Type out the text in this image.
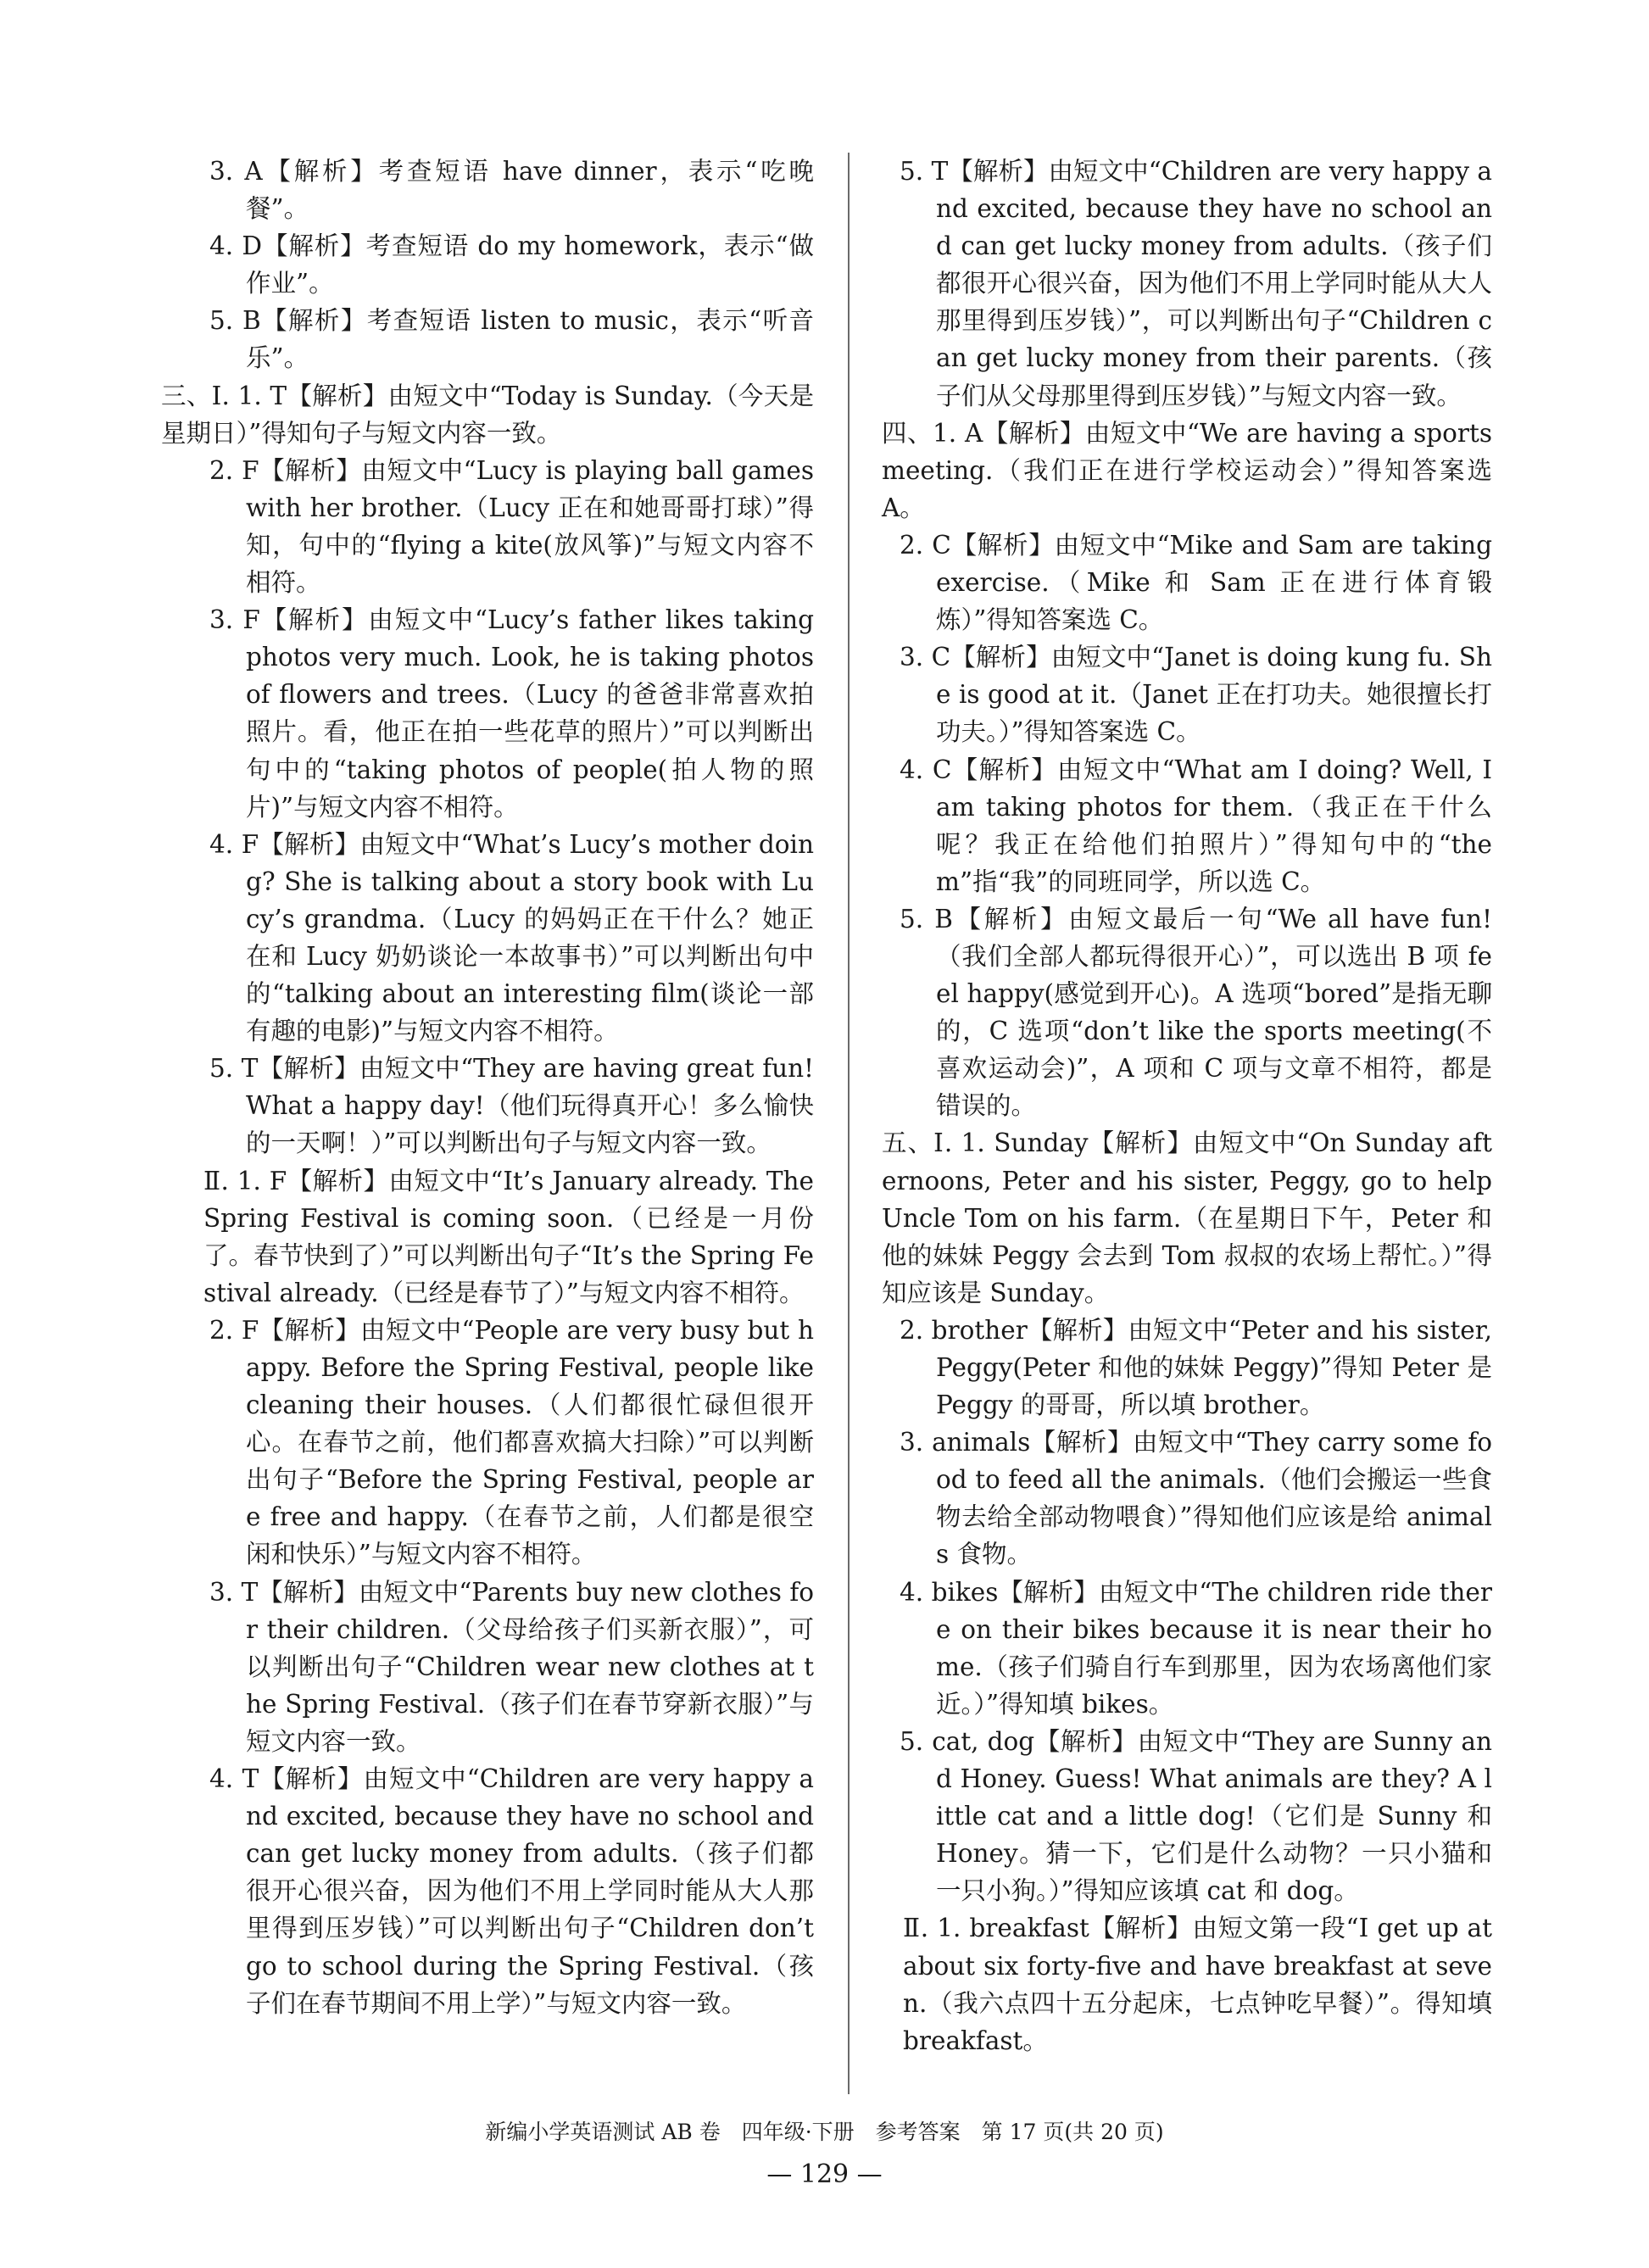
3. A【解析】考查短语 have dinner，表示“吃晚餐”。

4. D【解析】考查短语 do my homework，表示“做作业”。

5. B【解析】考查短语 listen to music，表示“听音乐”。

三、Ⅰ. 1. T【解析】由短文中“Today is Sunday.（今天是星期日）”得知句子与短文内容一致。

2. F【解析】由短文中“Lucy is playing ball games with her brother.（Lucy 正在和她哥哥打球）”得知，句中的“flying a kite(放风筝)”与短文内容不相符。

3. F【解析】由短文中“Lucy’s father likes taking photos very much. Look, he is taking photos of flowers and trees.（Lucy 的爸爸非常喜欢拍照片。看，他正在拍一些花草的照片）”可以判断出句中的“taking photos of people(拍人物的照片)”与短文内容不相符。

4. F【解析】由短文中“What’s Lucy’s mother doing? She is talking about a story book with Lucy’s grandma.（Lucy 的妈妈正在干什么？她正在和 Lucy 奶奶谈论一本故事书）”可以判断出句中的“talking about an interesting film(谈论一部有趣的电影)”与短文内容不相符。

5. T【解析】由短文中“They are having great fun! What a happy day!（他们玩得真开心！多么愉快的一天啊！）”可以判断出句子与短文内容一致。

Ⅱ. 1. F【解析】由短文中“It’s January already. The Spring Festival is coming soon.（已经是一月份了。春节快到了）”可以判断出句子“It’s the Spring Festival already.（已经是春节了）”与短文内容不相符。

2. F【解析】由短文中“People are very busy but happy. Before the Spring Festival, people like cleaning their houses.（人们都很忙碌但很开心。在春节之前，他们都喜欢搞大扫除）”可以判断出句子“Before the Spring Festival, people are free and happy.（在春节之前，人们都是很空闲和快乐）”与短文内容不相符。

3. T【解析】由短文中“Parents buy new clothes for their children.（父母给孩子们买新衣服）”，可以判断出句子“Children wear new clothes at the Spring Festival.（孩子们在春节穿新衣服）”与短文内容一致。

4. T【解析】由短文中“Children are very happy and excited, because they have no school and can get lucky money from adults.（孩子们都很开心很兴奋，因为他们不用上学同时能从大人那里得到压岁钱）”可以判断出句子“Children don’t go to school during the Spring Festival.（孩子们在春节期间不用上学）”与短文内容一致。

5. T【解析】由短文中“Children are very happy and excited, because they have no school and can get lucky money from adults.（孩子们都很开心很兴奋，因为他们不用上学同时能从大人那里得到压岁钱）”，可以判断出句子“Children can get lucky money from their parents.（孩子们从父母那里得到压岁钱）”与短文内容一致。

四、1. A【解析】由短文中“We are having a sports meeting.（我们正在进行学校运动会）”得知答案选 A。

2. C【解析】由短文中“Mike and Sam are taking exercise.（Mike 和 Sam 正在进行体育锻炼）”得知答案选 C。

3. C【解析】由短文中“Janet is doing kung fu. She is good at it.（Janet 正在打功夫。她很擅长打功夫。）”得知答案选 C。

4. C【解析】由短文中“What am I doing? Well, I am taking photos for them.（我正在干什么呢？我正在给他们拍照片）”得知句中的“them”指“我”的同班同学，所以选 C。

5. B【解析】由短文最后一句“We all have fun!（我们全部人都玩得很开心）”，可以选出 B 项 feel happy(感觉到开心)。A 选项“bored”是指无聊的，C 选项“don’t like the sports meeting(不喜欢运动会)”，A 项和 C 项与文章不相符，都是错误的。

五、Ⅰ. 1. Sunday【解析】由短文中“On Sunday afternoons, Peter and his sister, Peggy, go to help Uncle Tom on his farm.（在星期日下午，Peter 和他的妹妹 Peggy 会去到 Tom 叔叔的农场上帮忙。）”得知应该是 Sunday。

2. brother【解析】由短文中“Peter and his sister, Peggy(Peter 和他的妹妹 Peggy)”得知 Peter 是 Peggy 的哥哥，所以填 brother。

3. animals【解析】由短文中“They carry some food to feed all the animals.（他们会搬运一些食物去给全部动物喂食）”得知他们应该是给 animals 食物。

4. bikes【解析】由短文中“The children ride there on their bikes because it is near their home.（孩子们骑自行车到那里，因为农场离他们家近。）”得知填 bikes。

5. cat, dog【解析】由短文中“They are Sunny and Honey. Guess! What animals are they? A little cat and a little dog!（它们是 Sunny 和 Honey。猜一下，它们是什么动物？一只小猫和一只小狗。）”得知应该填 cat 和 dog。

Ⅱ. 1. breakfast【解析】由短文第一段“I get up at about six forty-five and have breakfast at seven.（我六点四十五分起床，七点钟吃早餐）”。得知填 breakfast。

新编小学英语测试 AB 卷　四年级·下册　参考答案　第 17 页(共 20 页)
— 129 —
